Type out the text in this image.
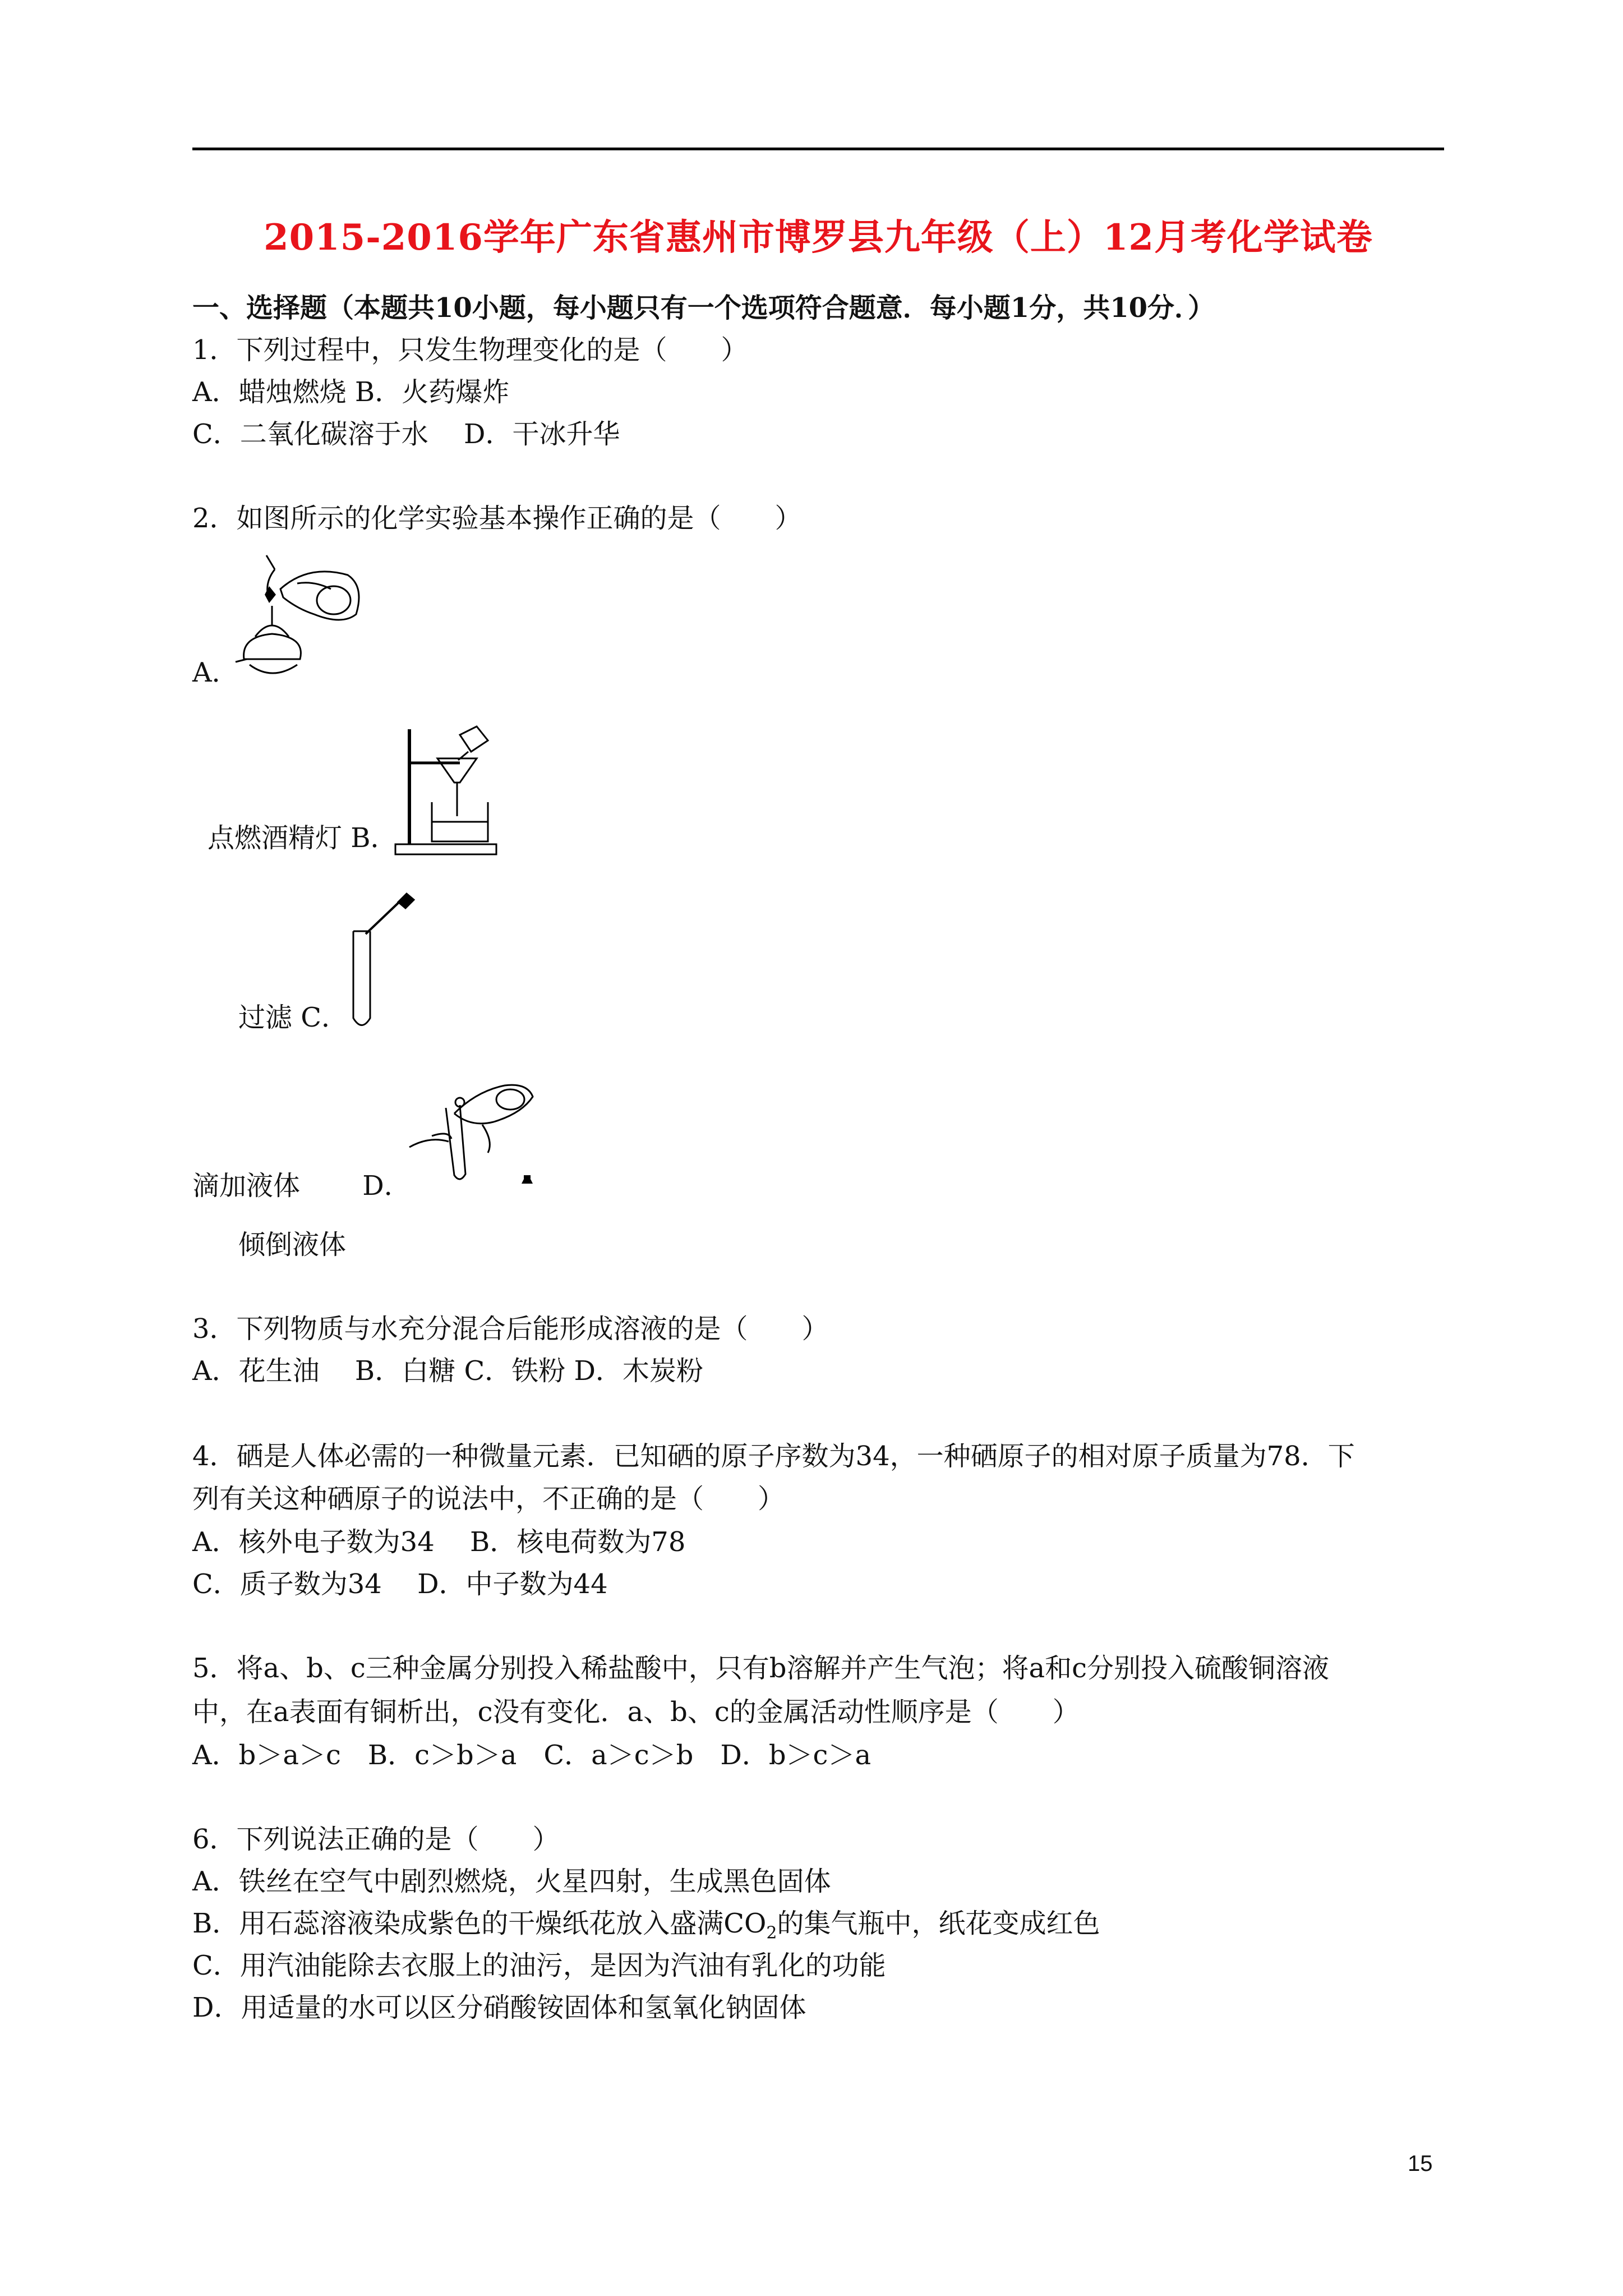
2015-2016学年广东省惠州市博罗县九年级（上）12月考化学试卷
一、选择题（本题共10小题，每小题只有一个选项符合题意．每小题1分，共10分．）
1．下列过程中，只发生物理变化的是（　　）
A．蜡烛燃烧 B．火药爆炸
C．二氧化碳溶于水　 D．干冰升华
2．如图所示的化学实验基本操作正确的是（　　）
A．
点燃酒精灯 B．
过滤 C．
滴加液体　　 D．
倾倒液体
3．下列物质与水充分混合后能形成溶液的是（　　）
A．花生油　 B．白糖 C．铁粉 D．木炭粉
4．硒是人体必需的一种微量元素．已知硒的原子序数为34，一种硒原子的相对原子质量为78．下
列有关这种硒原子的说法中，不正确的是（　　）
A．核外电子数为34　 B．核电荷数为78
C．质子数为34　 D．中子数为44
5．将a、b、c三种金属分别投入稀盐酸中，只有b溶解并产生气泡；将a和c分别投入硫酸铜溶液
中，在a表面有铜析出，c没有变化．a、b、c的金属活动性顺序是（　　）
A．b＞a＞c　B．c＞b＞a　C．a＞c＞b　D．b＞c＞a
6．下列说法正确的是（　　）
A．铁丝在空气中剧烈燃烧，火星四射，生成黑色固体
B．用石蕊溶液染成紫色的干燥纸花放入盛满$CO_2$的集气瓶中，纸花变成红色
C．用汽油能除去衣服上的油污，是因为汽油有乳化的功能
D．用适量的水可以区分硝酸铵固体和氢氧化钠固体
15
